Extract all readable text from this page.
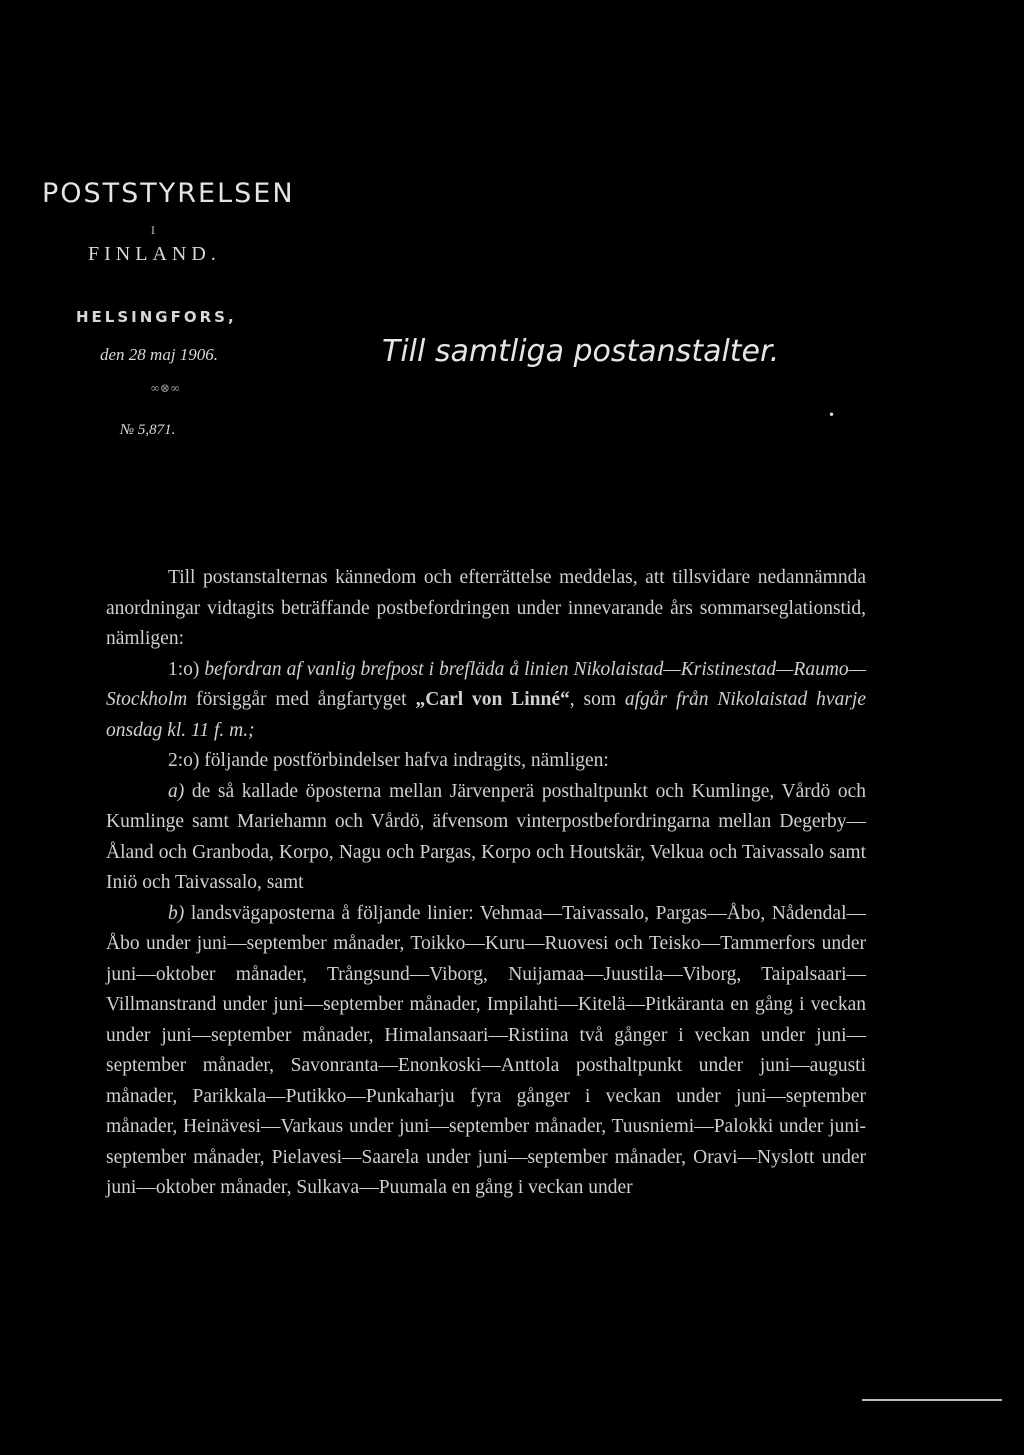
POSTSTYRELSEN

I

FINLAND.

HELSINGFORS,

den 28 maj 1906.

∞⊗∞

№ 5,871.

Till samtliga postanstalter.

•

Till postanstalternas kännedom och efterrättelse meddelas, att tillsvidare nedannämnda anordningar vidtagits beträffande postbefordringen under innevarande års sommarseglationstid, nämligen:

1:o) befordran af vanlig brefpost i brefläda å linien Nikolaistad—Kristinestad—Raumo—Stockholm försiggår med ångfartyget „Carl von Linné“, som afgår från Nikolaistad hvarje onsdag kl. 11 f. m.;

2:o) följande postförbindelser hafva indragits, nämligen:

a) de så kallade öposterna mellan Järvenperä posthaltpunkt och Kumlinge, Vårdö och Kumlinge samt Mariehamn och Vårdö, äfvensom vinterpostbefordringarna mellan Degerby—Åland och Granboda, Korpo, Nagu och Pargas, Korpo och Houtskär, Velkua och Taivassalo samt Iniö och Taivassalo, samt

b) landsvägaposterna å följande linier: Vehmaa—Taivassalo, Pargas—Åbo, Nådendal—Åbo under juni—september månader, Toikko—Kuru—Ruovesi och Teisko—Tammerfors under juni—oktober månader, Trångsund—Viborg, Nuijamaa—Juustila—Viborg, Taipalsaari—Villmanstrand under juni—september månader, Impilahti—Kitelä—Pitkäranta en gång i veckan under juni—september månader, Himalansaari—Ristiina två gånger i veckan under juni—september månader, Savonranta—Enonkoski—Anttola posthaltpunkt under juni—augusti månader, Parikkala—Putikko—Punkaharju fyra gånger i veckan under juni—september månader, Heinävesi—Varkaus under juni—september månader, Tuusniemi—Palokki under juni- september månader, Pielavesi—Saarela under juni—september månader, Oravi—Nyslott under juni—oktober månader, Sulkava—Puumala en gång i veckan under
